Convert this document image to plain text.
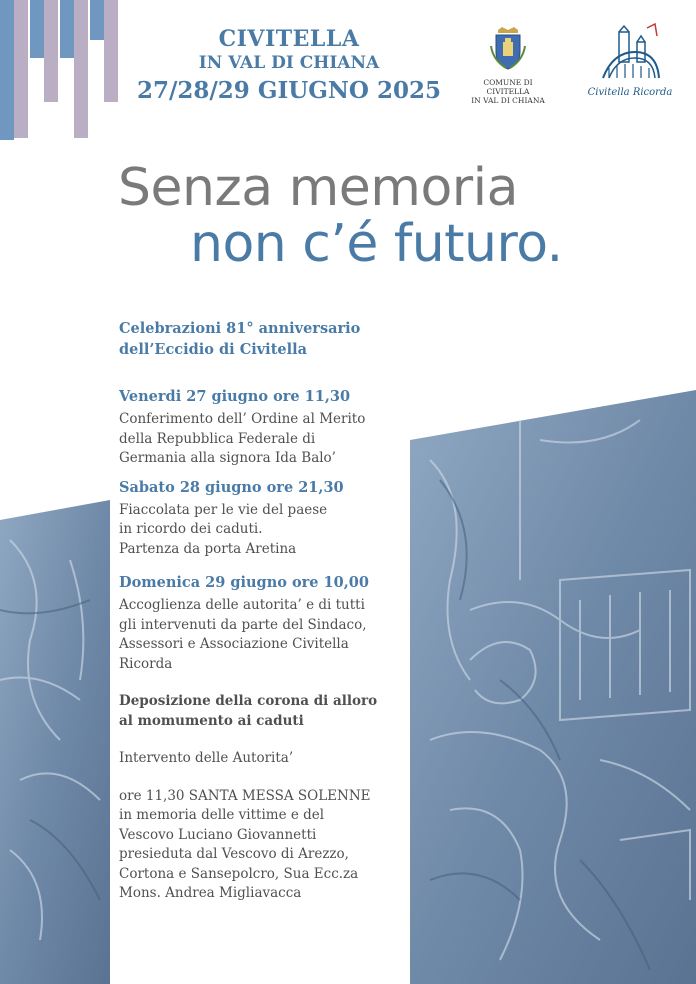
CIVITELLA
IN VAL DI CHIANA
27/28/29 GIUGNO 2025	COMUNE DI CIVITELLA
IN VAL DI CHIANA
Civitella Ricorda
Senza memoria
non c’é futuro.
Celebrazioni 81° anniversario
dell’Eccidio di Civitella
Venerdi 27 giugno ore 11,30
Conferimento dell’ Ordine al Merito
della Repubblica Federale di
Germania alla signora Ida Balo’
Sabato 28 giugno ore 21,30
Fiaccolata per le vie del paese
in ricordo dei caduti.
Partenza da porta Aretina
Domenica 29 giugno ore 10,00
Accoglienza delle autorita’ e di tutti
gli intervenuti da parte del Sindaco,
Assessori e Associazione Civitella
Ricorda
Deposizione della corona di alloro
al momumento ai caduti
Intervento delle Autorita’
ore 11,30 SANTA MESSA SOLENNE
in memoria delle vittime e del
Vescovo Luciano Giovannetti
presieduta dal Vescovo di Arezzo,
Cortona e Sansepolcro, Sua Ecc.za
Mons. Andrea Migliavacca
